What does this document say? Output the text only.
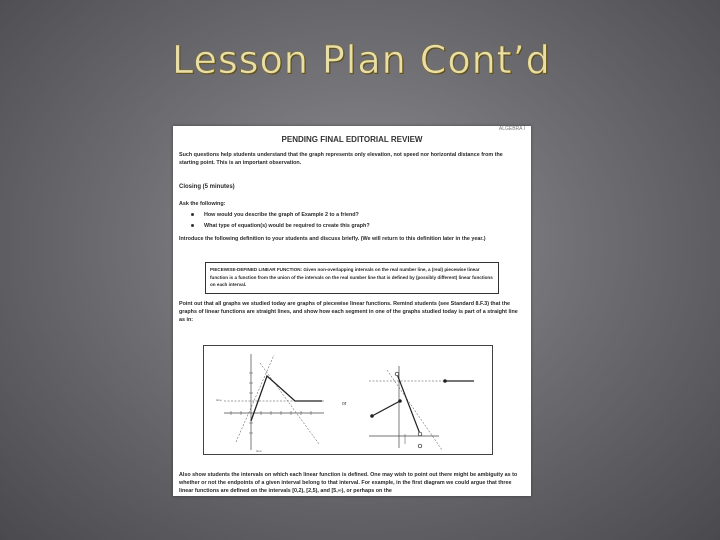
Lesson Plan Cont’d
ALGEBRA I
PENDING FINAL EDITORIAL REVIEW
Such questions help students understand that the graph represents only elevation, not speed nor horizontal distance from the starting point. This is an important observation.
Closing (5 minutes)
Ask the following:
How would you describe the graph of Example 2 to a friend?
What type of equation(s) would be required to create this graph?
Introduce the following definition to your students and discuss briefly. (We will return to this definition later in the year.)
PIECEWISE-DEFINED LINEAR FUNCTION: Given non-overlapping intervals on the real number line, a (real) piecewise linear function is a function from the union of the intervals on the real number line that is defined by (possibly different) linear functions on each interval.
Point out that all graphs we studied today are graphs of piecewise linear functions. Remind students (see Standard 8.F.3) that the graphs of linear functions are straight lines, and show how each segment in one of the graphs studied today is part of a straight line as in:
time
time
or
Also show students the intervals on which each linear function is defined. One may wish to point out there might be ambiguity as to whether or not the endpoints of a given interval belong to that interval. For example, in the first diagram we could argue that three linear functions are defined on the intervals [0,2), [2,5), and [5,∞), or perhaps on the
